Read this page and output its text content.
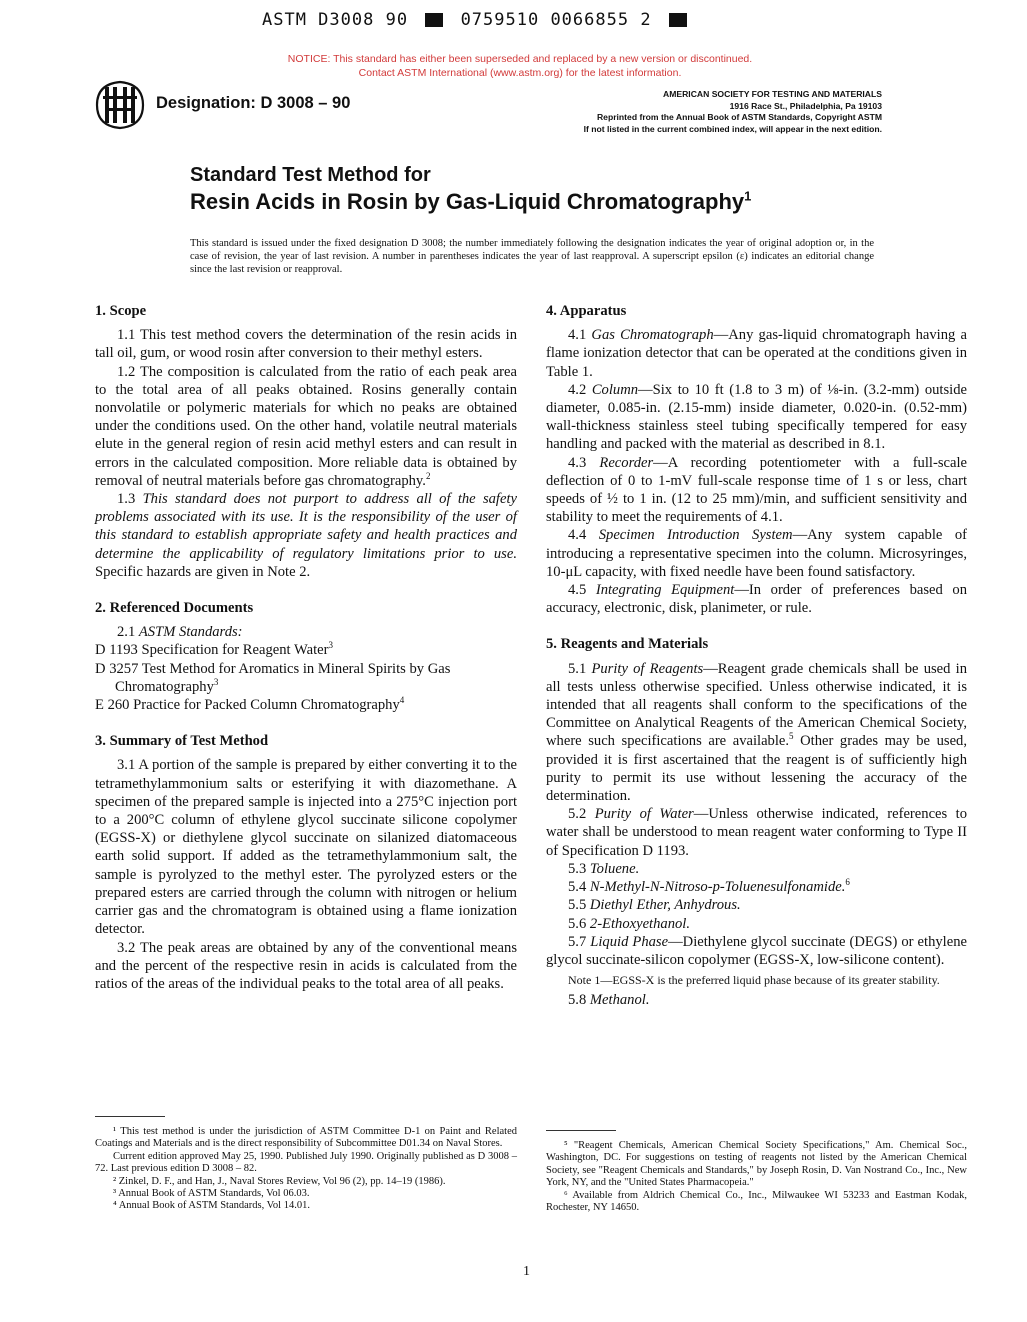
ASTM D3008 90	0759510 0066855 2
NOTICE: This standard has either been superseded and replaced by a new version or discontinued.
Contact ASTM International (www.astm.org) for the latest information.
Designation: D 3008 – 90	AMERICAN SOCIETY FOR TESTING AND MATERIALS
1916 Race St., Philadelphia, Pa 19103
Reprinted from the Annual Book of ASTM Standards, Copyright ASTM
If not listed in the current combined index, will appear in the next edition.
Standard Test Method for
Resin Acids in Rosin by Gas-Liquid Chromatography$^1$
This standard is issued under the fixed designation D 3008; the number immediately following the designation indicates the year of original adoption or, in the case of revision, the year of last revision. A number in parentheses indicates the year of last reapproval. A superscript epsilon (ε) indicates an editorial change since the last revision or reapproval.
1. Scope

1.1 This test method covers the determination of the resin acids in tall oil, gum, or wood rosin after conversion to their methyl esters.

1.2 The composition is calculated from the ratio of each peak area to the total area of all peaks obtained. Rosins generally contain nonvolatile or polymeric materials for which no peaks are obtained under the conditions used. On the other hand, volatile neutral materials elute in the general region of resin acid methyl esters and can result in errors in the calculated composition. More reliable data is obtained by removal of neutral materials before gas chromatography.$^2$

1.3 This standard does not purport to address all of the safety problems associated with its use. It is the responsibility of the user of this standard to establish appropriate safety and health practices and determine the applicability of regulatory limitations prior to use. Specific hazards are given in Note 2.

2. Referenced Documents

2.1 ASTM Standards:

D 1193 Specification for Reagent Water$^3$

D 3257 Test Method for Aromatics in Mineral Spirits by Gas Chromatography$^3$

E 260 Practice for Packed Column Chromatography$^4$

3. Summary of Test Method

3.1 A portion of the sample is prepared by either converting it to the tetramethylammonium salts or esterifying it with diazomethane. A specimen of the prepared sample is injected into a 275°C injection port to a 200°C column of ethylene glycol succinate silicone copolymer (EGSS-X) or diethylene glycol succinate on silanized diatomaceous earth solid support. If added as the tetramethylammonium salt, the sample is pyrolyzed to the methyl ester. The pyrolyzed esters or the prepared esters are carried through the column with nitrogen or helium carrier gas and the chromatogram is obtained using a flame ionization detector.

3.2 The peak areas are obtained by any of the conventional means and the percent of the respective resin in acids is calculated from the ratios of the areas of the individual peaks to the total area of all peaks.

4. Apparatus

4.1 Gas Chromatograph—Any gas-liquid chromatograph having a flame ionization detector that can be operated at the conditions given in Table 1.

4.2 Column—Six to 10 ft (1.8 to 3 m) of ⅛-in. (3.2-mm) outside diameter, 0.085-in. (2.15-mm) inside diameter, 0.020-in. (0.52-mm) wall-thickness stainless steel tubing specifically tempered for easy handling and packed with the material as described in 8.1.

4.3 Recorder—A recording potentiometer with a full-scale deflection of 0 to 1-mV full-scale response time of 1 s or less, chart speeds of ½ to 1 in. (12 to 25 mm)/min, and sufficient sensitivity and stability to meet the requirements of 4.1.

4.4 Specimen Introduction System—Any system capable of introducing a representative specimen into the column. Microsyringes, 10-μL capacity, with fixed needle have been found satisfactory.

4.5 Integrating Equipment—In order of preferences based on accuracy, electronic, disk, planimeter, or rule.

5. Reagents and Materials

5.1 Purity of Reagents—Reagent grade chemicals shall be used in all tests unless otherwise specified. Unless otherwise indicated, it is intended that all reagents shall conform to the specifications of the Committee on Analytical Reagents of the American Chemical Society, where such specifications are available.$^5$ Other grades may be used, provided it is first ascertained that the reagent is of sufficiently high purity to permit its use without lessening the accuracy of the determination.

5.2 Purity of Water—Unless otherwise indicated, references to water shall be understood to mean reagent water conforming to Type II of Specification D 1193.

5.3 Toluene.

5.4 N-Methyl-N-Nitroso-p-Toluenesulfonamide.$^6$

5.5 Diethyl Ether, Anhydrous.

5.6 2-Ethoxyethanol.

5.7 Liquid Phase—Diethylene glycol succinate (DEGS) or ethylene glycol succinate-silicon copolymer (EGSS-X, low-silicone content).

Note 1—EGSS-X is the preferred liquid phase because of its greater stability.

5.8 Methanol.

¹ This test method is under the jurisdiction of ASTM Committee D-1 on Paint and Related Coatings and Materials and is the direct responsibility of Subcommittee D01.34 on Naval Stores.

Current edition approved May 25, 1990. Published July 1990. Originally published as D 3008 – 72. Last previous edition D 3008 – 82.

² Zinkel, D. F., and Han, J., Naval Stores Review, Vol 96 (2), pp. 14–19 (1986).

³ Annual Book of ASTM Standards, Vol 06.03.

⁴ Annual Book of ASTM Standards, Vol 14.01.

⁵ "Reagent Chemicals, American Chemical Society Specifications," Am. Chemical Soc., Washington, DC. For suggestions on testing of reagents not listed by the American Chemical Society, see "Reagent Chemicals and Standards," by Joseph Rosin, D. Van Nostrand Co., Inc., New York, NY, and the "United States Pharmacopeia."

⁶ Available from Aldrich Chemical Co., Inc., Milwaukee WI 53233 and Eastman Kodak, Rochester, NY 14650.

1
